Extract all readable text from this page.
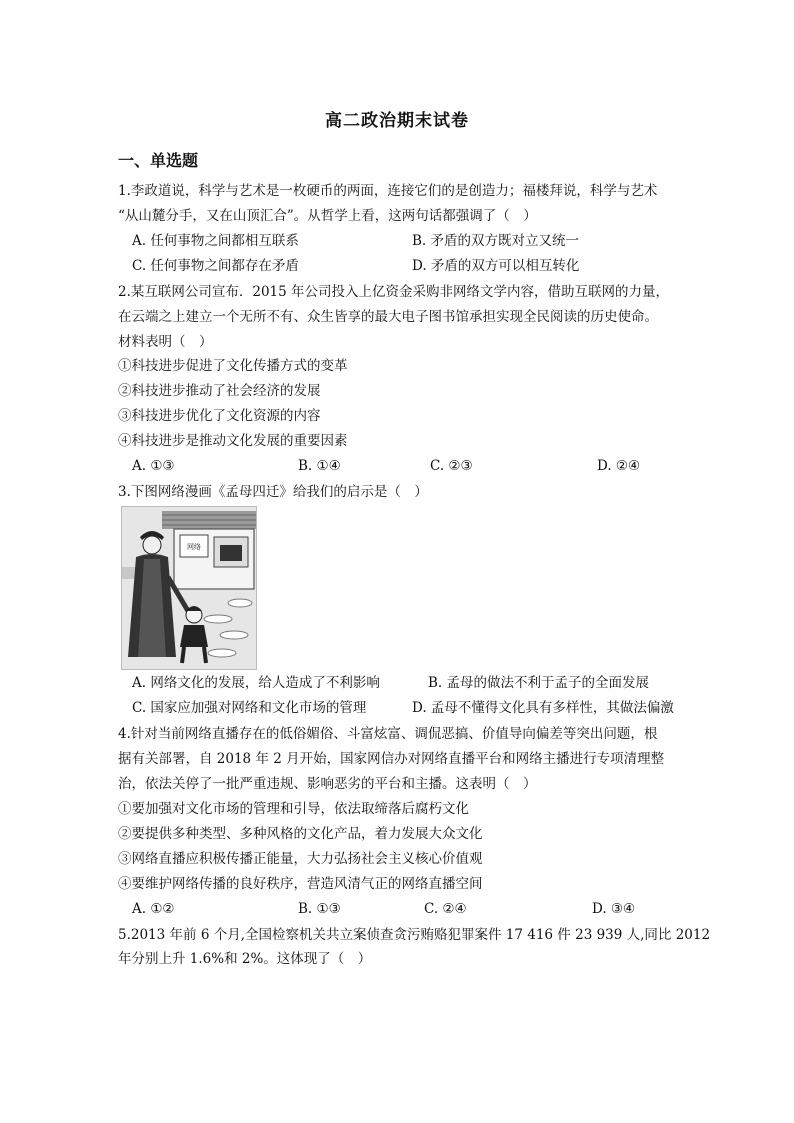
高二政治期末试卷
一、单选题
1.李政道说，科学与艺术是一枚硬币的两面，连接它们的是创造力；福楼拜说，科学与艺术
“从山麓分手，又在山顶汇合”。从哲学上看，这两句话都强调了（　）
A. 任何事物之间都相互联系	B. 矛盾的双方既对立又统一
C. 任何事物之间都存在矛盾	D. 矛盾的双方可以相互转化
2.某互联网公司宣布．2015 年公司投入上亿资金采购非网络文学内容，借助互联网的力量，
在云端之上建立一个无所不有、众生皆享的最大电子图书馆承担实现全民阅读的历史使命。
材料表明（　）
①科技进步促进了文化传播方式的变革
②科技进步推动了社会经济的发展
③科技进步优化了文化资源的内容
④科技进步是推动文化发展的重要因素
A. ①③	B. ①④	C. ②③	D. ②④
3.下图网络漫画《孟母四迁》给我们的启示是（　）
网络
A. 网络文化的发展，给人造成了不利影响	B. 孟母的做法不利于孟子的全面发展
C. 国家应加强对网络和文化市场的管理	D. 孟母不懂得文化具有多样性，其做法偏激
4.针对当前网络直播存在的低俗媚俗、斗富炫富、调侃恶搞、价值导向偏差等突出问题，根
据有关部署，自 2018 年 2 月开始，国家网信办对网络直播平台和网络主播进行专项清理整
治，依法关停了一批严重违规、影响恶劣的平台和主播。这表明（　）
①要加强对文化市场的管理和引导，依法取缔落后腐朽文化
②要提供多种类型、多种风格的文化产品，着力发展大众文化
③网络直播应积极传播正能量，大力弘扬社会主义核心价值观
④要维护网络传播的良好秩序，营造风清气正的网络直播空间
A. ①②	B. ①③	C. ②④	D. ③④
5.2013 年前 6 个月,全国检察机关共立案侦查贪污贿赂犯罪案件 17 416 件 23 939 人,同比 2012
年分别上升 1.6%和 2%。这体现了（　）
